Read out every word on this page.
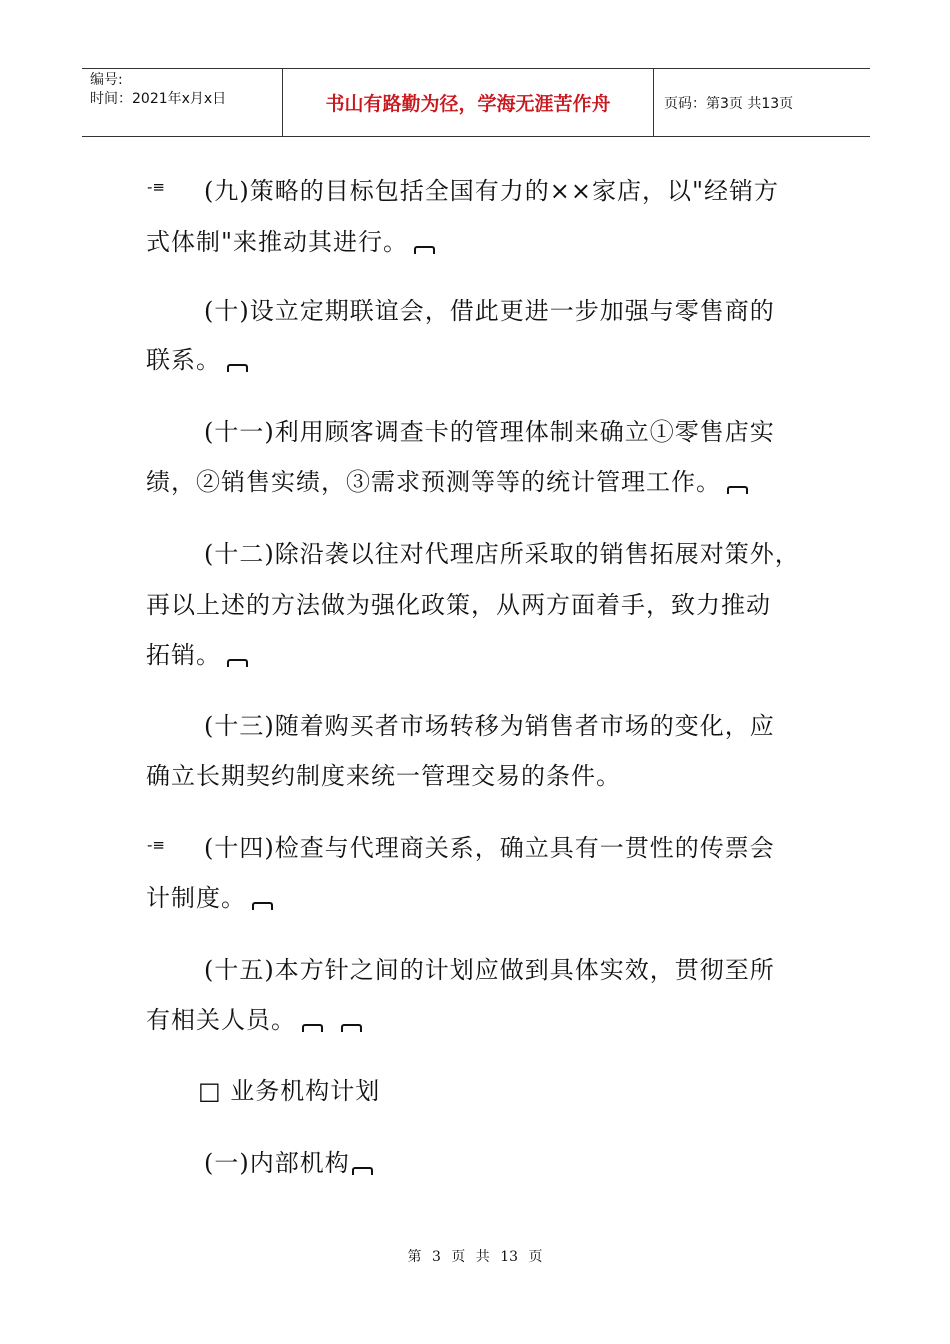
编号:
时间：2021年x月x日	书山有路勤为径，学海无涯苦作舟	页码：第3页 共13页
-≡ (九)策略的目标包括全国有力的××家店，以"经销方
式体制"来推动其进行。
(十)设立定期联谊会，借此更进一步加强与零售商的
联系。
(十一)利用顾客调查卡的管理体制来确立①零售店实
绩，②销售实绩，③需求预测等等的统计管理工作。
(十二)除沿袭以往对代理店所采取的销售拓展对策外，
再以上述的方法做为强化政策，从两方面着手，致力推动
拓销。
(十三)随着购买者市场转移为销售者市场的变化，应
确立长期契约制度来统一管理交易的条件。
-≡ (十四)检查与代理商关系，确立具有一贯性的传票会
计制度。
(十五)本方针之间的计划应做到具体实效，贯彻至所
有相关人员。
□ 业务机构计划
(一)内部机构
第 3 页 共 13 页
